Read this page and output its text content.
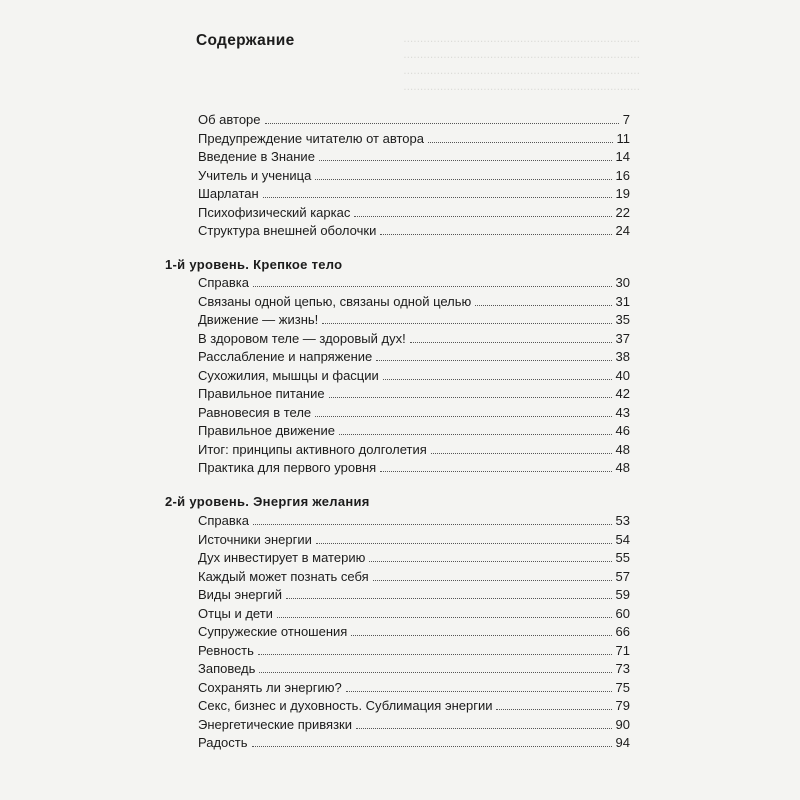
.......................................................................
.......................................................................
.......................................................................
.......................................................................
Содержание
Об авторе	7
Предупреждение читателю от автора	11
Введение в Знание	14
Учитель и ученица	16
Шарлатан	19
Психофизический каркас	22
Структура внешней оболочки	24
1-й уровень. Крепкое тело
Справка	30
Связаны одной цепью, связаны одной целью	31
Движение — жизнь!	35
В здоровом теле — здоровый дух!	37
Расслабление и напряжение	38
Сухожилия, мышцы и фасции	40
Правильное питание	42
Равновесия в теле	43
Правильное движение	46
Итог: принципы активного долголетия	48
Практика для первого уровня	48
2-й уровень. Энергия желания
Справка	53
Источники энергии	54
Дух инвестирует в материю	55
Каждый может познать себя	57
Виды энергий	59
Отцы и дети	60
Супружеские отношения	66
Ревность	71
Заповедь	73
Сохранять ли энергию?	75
Секс, бизнес и духовность. Сублимация энергии	79
Энергетические привязки	90
Радость	94
